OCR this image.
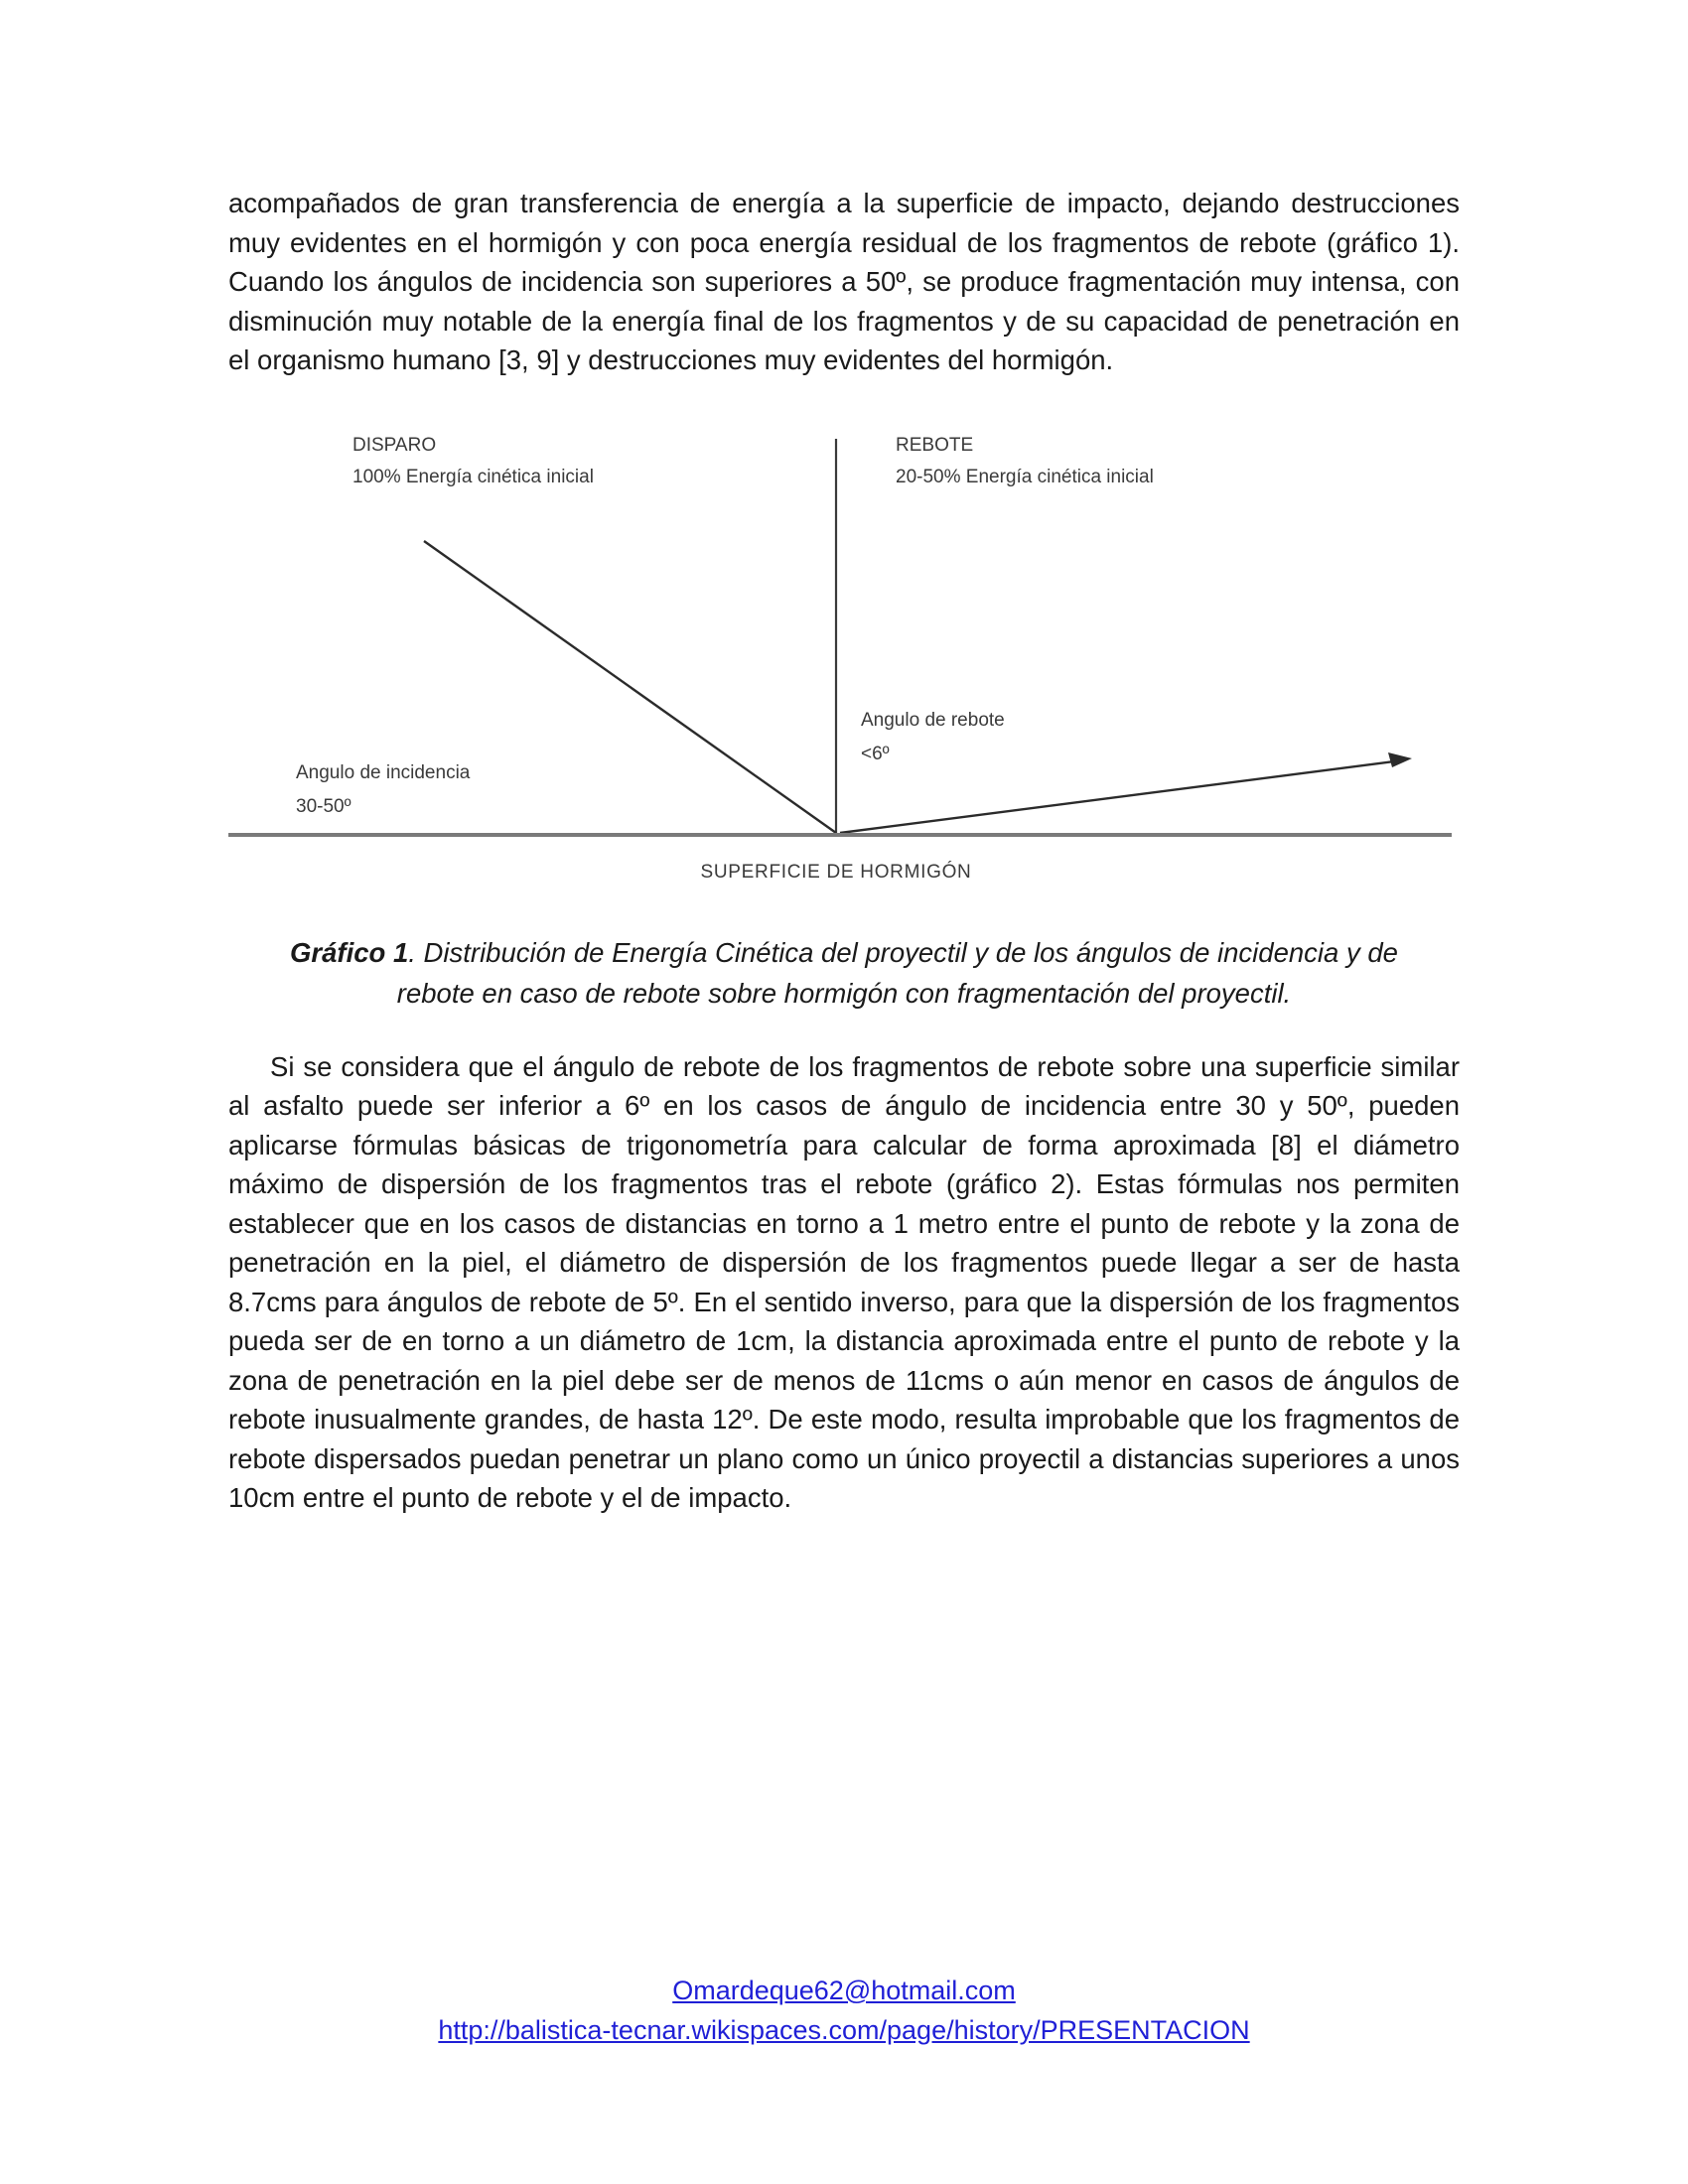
acompañados de gran transferencia de energía a la superficie de impacto, dejando destrucciones muy evidentes en el hormigón y con poca energía residual de los fragmentos de rebote (gráfico 1). Cuando los ángulos de incidencia son superiores a 50º, se produce fragmentación muy intensa, con disminución muy notable de la energía final de los fragmentos y de su capacidad de penetración en el organismo humano [3, 9] y destrucciones muy evidentes del hormigón.

DISPARO
100% Energía cinética inicial
REBOTE
20-50% Energía cinética inicial
Angulo de rebote
<6º
Angulo de incidencia
30-50º
SUPERFICIE DE HORMIGÓN

Gráfico 1. Distribución de Energía Cinética del proyectil y de los ángulos de incidencia y de rebote en caso de rebote sobre hormigón con fragmentación del proyectil.

Si se considera que el ángulo de rebote de los fragmentos de rebote sobre una superficie similar al asfalto puede ser inferior a 6º en los casos de ángulo de incidencia entre 30 y 50º, pueden aplicarse fórmulas básicas de trigonometría para calcular de forma aproximada [8] el diámetro máximo de dispersión de los fragmentos tras el rebote (gráfico 2). Estas fórmulas nos permiten establecer que en los casos de distancias en torno a 1 metro entre el punto de rebote y la zona de penetración en la piel, el diámetro de dispersión de los fragmentos puede llegar a ser de hasta 8.7cms para ángulos de rebote de 5º. En el sentido inverso, para que la dispersión de los fragmentos pueda ser de en torno a un diámetro de 1cm, la distancia aproximada entre el punto de rebote y la zona de penetración en la piel debe ser de menos de 11cms o aún menor en casos de ángulos de rebote inusualmente grandes, de hasta 12º. De este modo, resulta improbable que los fragmentos de rebote dispersados puedan penetrar un plano como un único proyectil a distancias superiores a unos 10cm entre el punto de rebote y el de impacto.

Omardeque62@hotmail.com
http://balistica-tecnar.wikispaces.com/page/history/PRESENTACION
